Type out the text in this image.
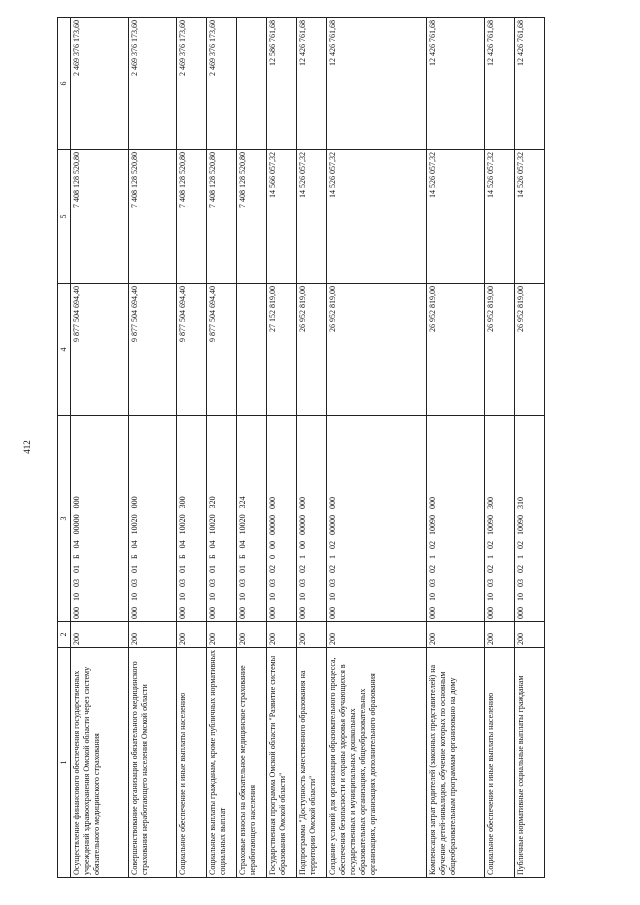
412
1	2	3	4	5	6
Осуществление финансового обеспечения государственных учреждений здравоохранения Омской области через систему обязательного медицинского страхования	200	000 10 03 01 Б 04 00000 000	9 877 504 694,40	7 408 128 520,80	2 469 376 173,60
Совершенствование организации обязательного медицинского страхования неработающего населения Омской области	200	000 10 03 01 Б 04 10020 000	9 877 504 694,40	7 408 128 520,80	2 469 376 173,60
Социальное обеспечение и иные выплаты населению	200	000 10 03 01 Б 04 10020 300	9 877 504 694,40	7 408 128 520,80	2 469 376 173,60
Социальные выплаты гражданам, кроме публичных нормативных социальных выплат	200	000 10 03 01 Б 04 10020 320	9 877 504 694,40	7 408 128 520,80	2 469 376 173,60
Страховые взносы на обязательное медицинское страхование неработающего населения	200	000 10 03 01 Б 04 10020 324		7 408 128 520,80	
Государственная программа Омской области "Развитие системы образования Омской области"	200	000 10 03 02 0 00 00000 000	27 152 819,00	14 566 057,32	12 586 761,68
Подпрограмма "Доступность качественного образования на территории Омской области"	200	000 10 03 02 1 00 00000 000	26 952 819,00	14 526 057,32	12 426 761,68
Создание условий для организации образовательного процесса, обеспечения безопасности и охраны здоровья обучающихся в государственных и муниципальных дошкольных образовательных организациях, общеобразовательных организациях, организациях дополнительного образования	200	000 10 03 02 1 02 00000 000	26 952 819,00	14 526 057,32	12 426 761,68
Компенсация затрат родителей (законных представителей) на обучение детей-инвалидов, обучение которых по основным общеобразовательным программам организовано на дому	200	000 10 03 02 1 02 10090 000	26 952 819,00	14 526 057,32	12 426 761,68
Социальное обеспечение и иные выплаты населению	200	000 10 03 02 1 02 10090 300	26 952 819,00	14 526 057,32	12 426 761,68
Публичные нормативные социальные выплаты гражданам	200	000 10 03 02 1 02 10090 310	26 952 819,00	14 526 057,32	12 426 761,68
